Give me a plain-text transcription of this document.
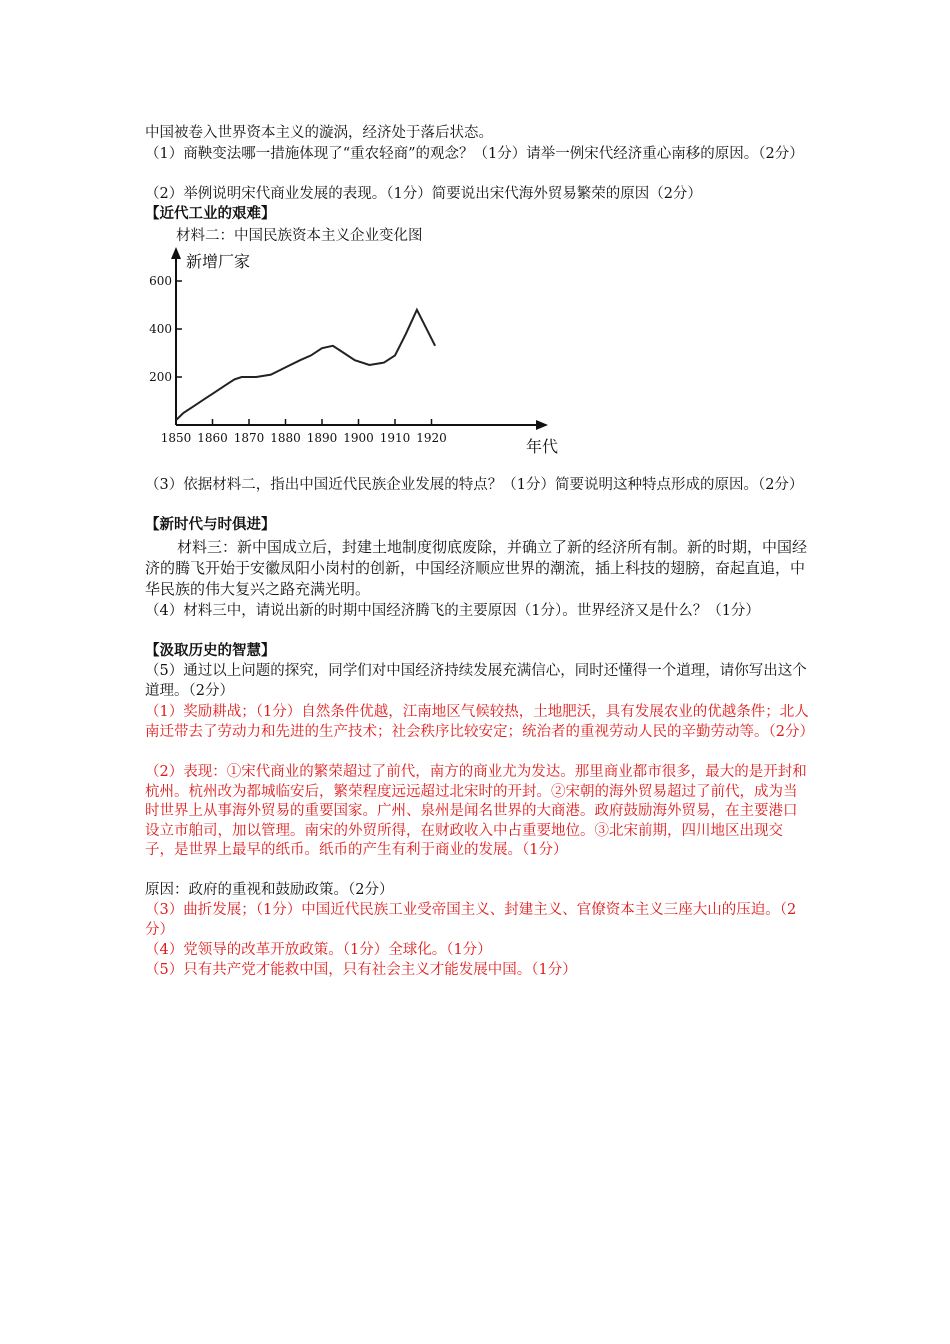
中国被卷入世界资本主义的漩涡，经济处于落后状态。

（1）商鞅变法哪一措施体现了“重农轻商”的观念？（1分）请举一例宋代经济重心南移的原因。（2分）

（2）举例说明宋代商业发展的表现。（1分）简要说出宋代海外贸易繁荣的原因（2分）

【近代工业的艰难】

材料二：中国民族资本主义企业变化图

1850 1860 1870 1880 1890 1900 1910 1920
200
400
600
新增厂家
年代

（3）依据材料二，指出中国近代民族企业发展的特点？（1分）简要说明这种特点形成的原因。（2分）

【新时代与时俱进】

材料三：新中国成立后，封建土地制度彻底废除，并确立了新的经济所有制。新的时期，中国经济的腾飞开始于安徽凤阳小岗村的创新，中国经济顺应世界的潮流，插上科技的翅膀，奋起直追，中华民族的伟大复兴之路充满光明。

（4）材料三中，请说出新的时期中国经济腾飞的主要原因（1分）。世界经济又是什么？（1分）

【汲取历史的智慧】

（5）通过以上问题的探究，同学们对中国经济持续发展充满信心，同时还懂得一个道理，请你写出这个道理。（2分）

（1）奖励耕战；（1分）自然条件优越，江南地区气候较热，土地肥沃，具有发展农业的优越条件；北人南迁带去了劳动力和先进的生产技术；社会秩序比较安定；统治者的重视劳动人民的辛勤劳动等。（2分）

（2）表现：①宋代商业的繁荣超过了前代，南方的商业尤为发达。那里商业都市很多，最大的是开封和杭州。杭州改为都城临安后，繁荣程度远远超过北宋时的开封。②宋朝的海外贸易超过了前代，成为当时世界上从事海外贸易的重要国家。广州、泉州是闻名世界的大商港。政府鼓励海外贸易，在主要港口设立市舶司，加以管理。南宋的外贸所得，在财政收入中占重要地位。③北宋前期，四川地区出现交子，是世界上最早的纸币。纸币的产生有利于商业的发展。（1分）

原因：政府的重视和鼓励政策。（2分）

（3）曲折发展；（1分）中国近代民族工业受帝国主义、封建主义、官僚资本主义三座大山的压迫。（2分）

（4）党领导的改革开放政策。（1分）全球化。（1分）

（5）只有共产党才能救中国，只有社会主义才能发展中国。（1分）
